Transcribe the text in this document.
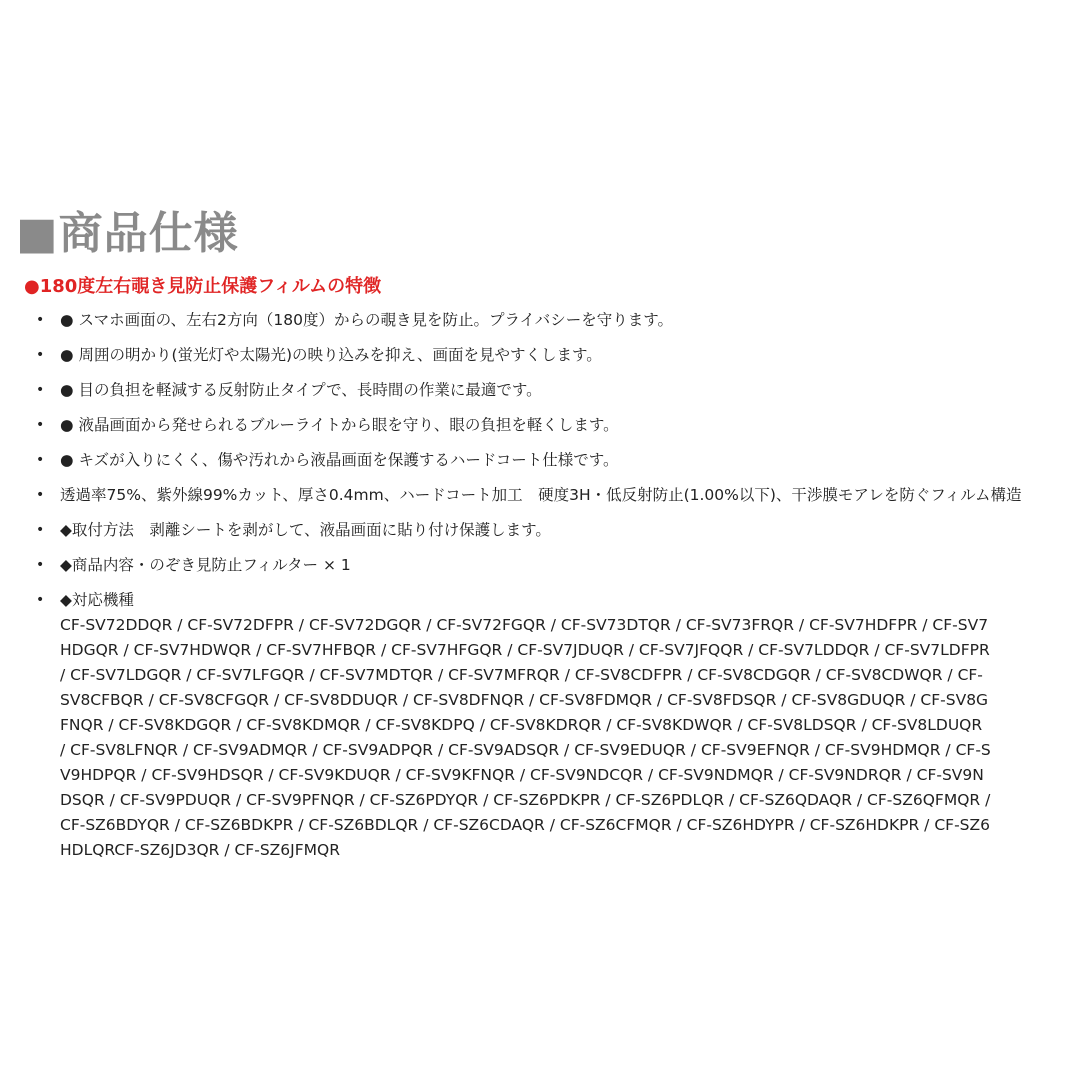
■商品仕様
●180度左右覗き見防止保護フィルムの特徴
• ● スマホ画面の、左右2方向（180度）からの覗き見を防止。プライバシーを守ります。
• ● 周囲の明かり(蛍光灯や太陽光)の映り込みを抑え、画面を見やすくします。
• ● 目の負担を軽減する反射防止タイプで、長時間の作業に最適です。
• ● 液晶画面から発せられるブルーライトから眼を守り、眼の負担を軽くします。
• ● キズが入りにくく、傷や汚れから液晶画面を保護するハードコート仕様です。
• 透過率75%、紫外線99%カット、厚さ0.4mm、ハードコート加工　硬度3H・低反射防止(1.00%以下)、干渉膜モアレを防ぐフィルム構造
• ◆取付方法　剥離シートを剥がして、液晶画面に貼り付け保護します。
• ◆商品内容・のぞき見防止フィルター × 1
• ◆対応機種
CF-SV72DDQR / CF-SV72DFPR / CF-SV72DGQR / CF-SV72FGQR / CF-SV73DTQR / CF-SV73FRQR / CF-SV7HDFPR / CF-SV7HDGQR / CF-SV7HDWQR / CF-SV7HFBQR / CF-SV7HFGQR / CF-SV7JDUQR / CF-SV7JFQQR / CF-SV7LDDQR / CF-SV7LDFPR / CF-SV7LDGQR / CF-SV7LFGQR / CF-SV7MDTQR / CF-SV7MFRQR / CF-SV8CDFPR / CF-SV8CDGQR / CF-SV8CDWQR / CF-SV8CFBQR / CF-SV8CFGQR / CF-SV8DDUQR / CF-SV8DFNQR / CF-SV8FDMQR / CF-SV8FDSQR / CF-SV8GDUQR / CF-SV8GFNQR / CF-SV8KDGQR / CF-SV8KDMQR / CF-SV8KDPQ / CF-SV8KDRQR / CF-SV8KDWQR / CF-SV8LDSQR / CF-SV8LDUQR / CF-SV8LFNQR / CF-SV9ADMQR / CF-SV9ADPQR / CF-SV9ADSQR / CF-SV9EDUQR / CF-SV9EFNQR / CF-SV9HDMQR / CF-SV9HDPQR / CF-SV9HDSQR / CF-SV9KDUQR / CF-SV9KFNQR / CF-SV9NDCQR / CF-SV9NDMQR / CF-SV9NDRQR / CF-SV9NDSQR / CF-SV9PDUQR / CF-SV9PFNQR / CF-SZ6PDYQR / CF-SZ6PDKPR / CF-SZ6PDLQR / CF-SZ6QDAQR / CF-SZ6QFMQR / CF-SZ6BDYQR / CF-SZ6BDKPR / CF-SZ6BDLQR / CF-SZ6CDAQR / CF-SZ6CFMQR / CF-SZ6HDYPR / CF-SZ6HDKPR / CF-SZ6HDLQRCF-SZ6JD3QR / CF-SZ6JFMQR
